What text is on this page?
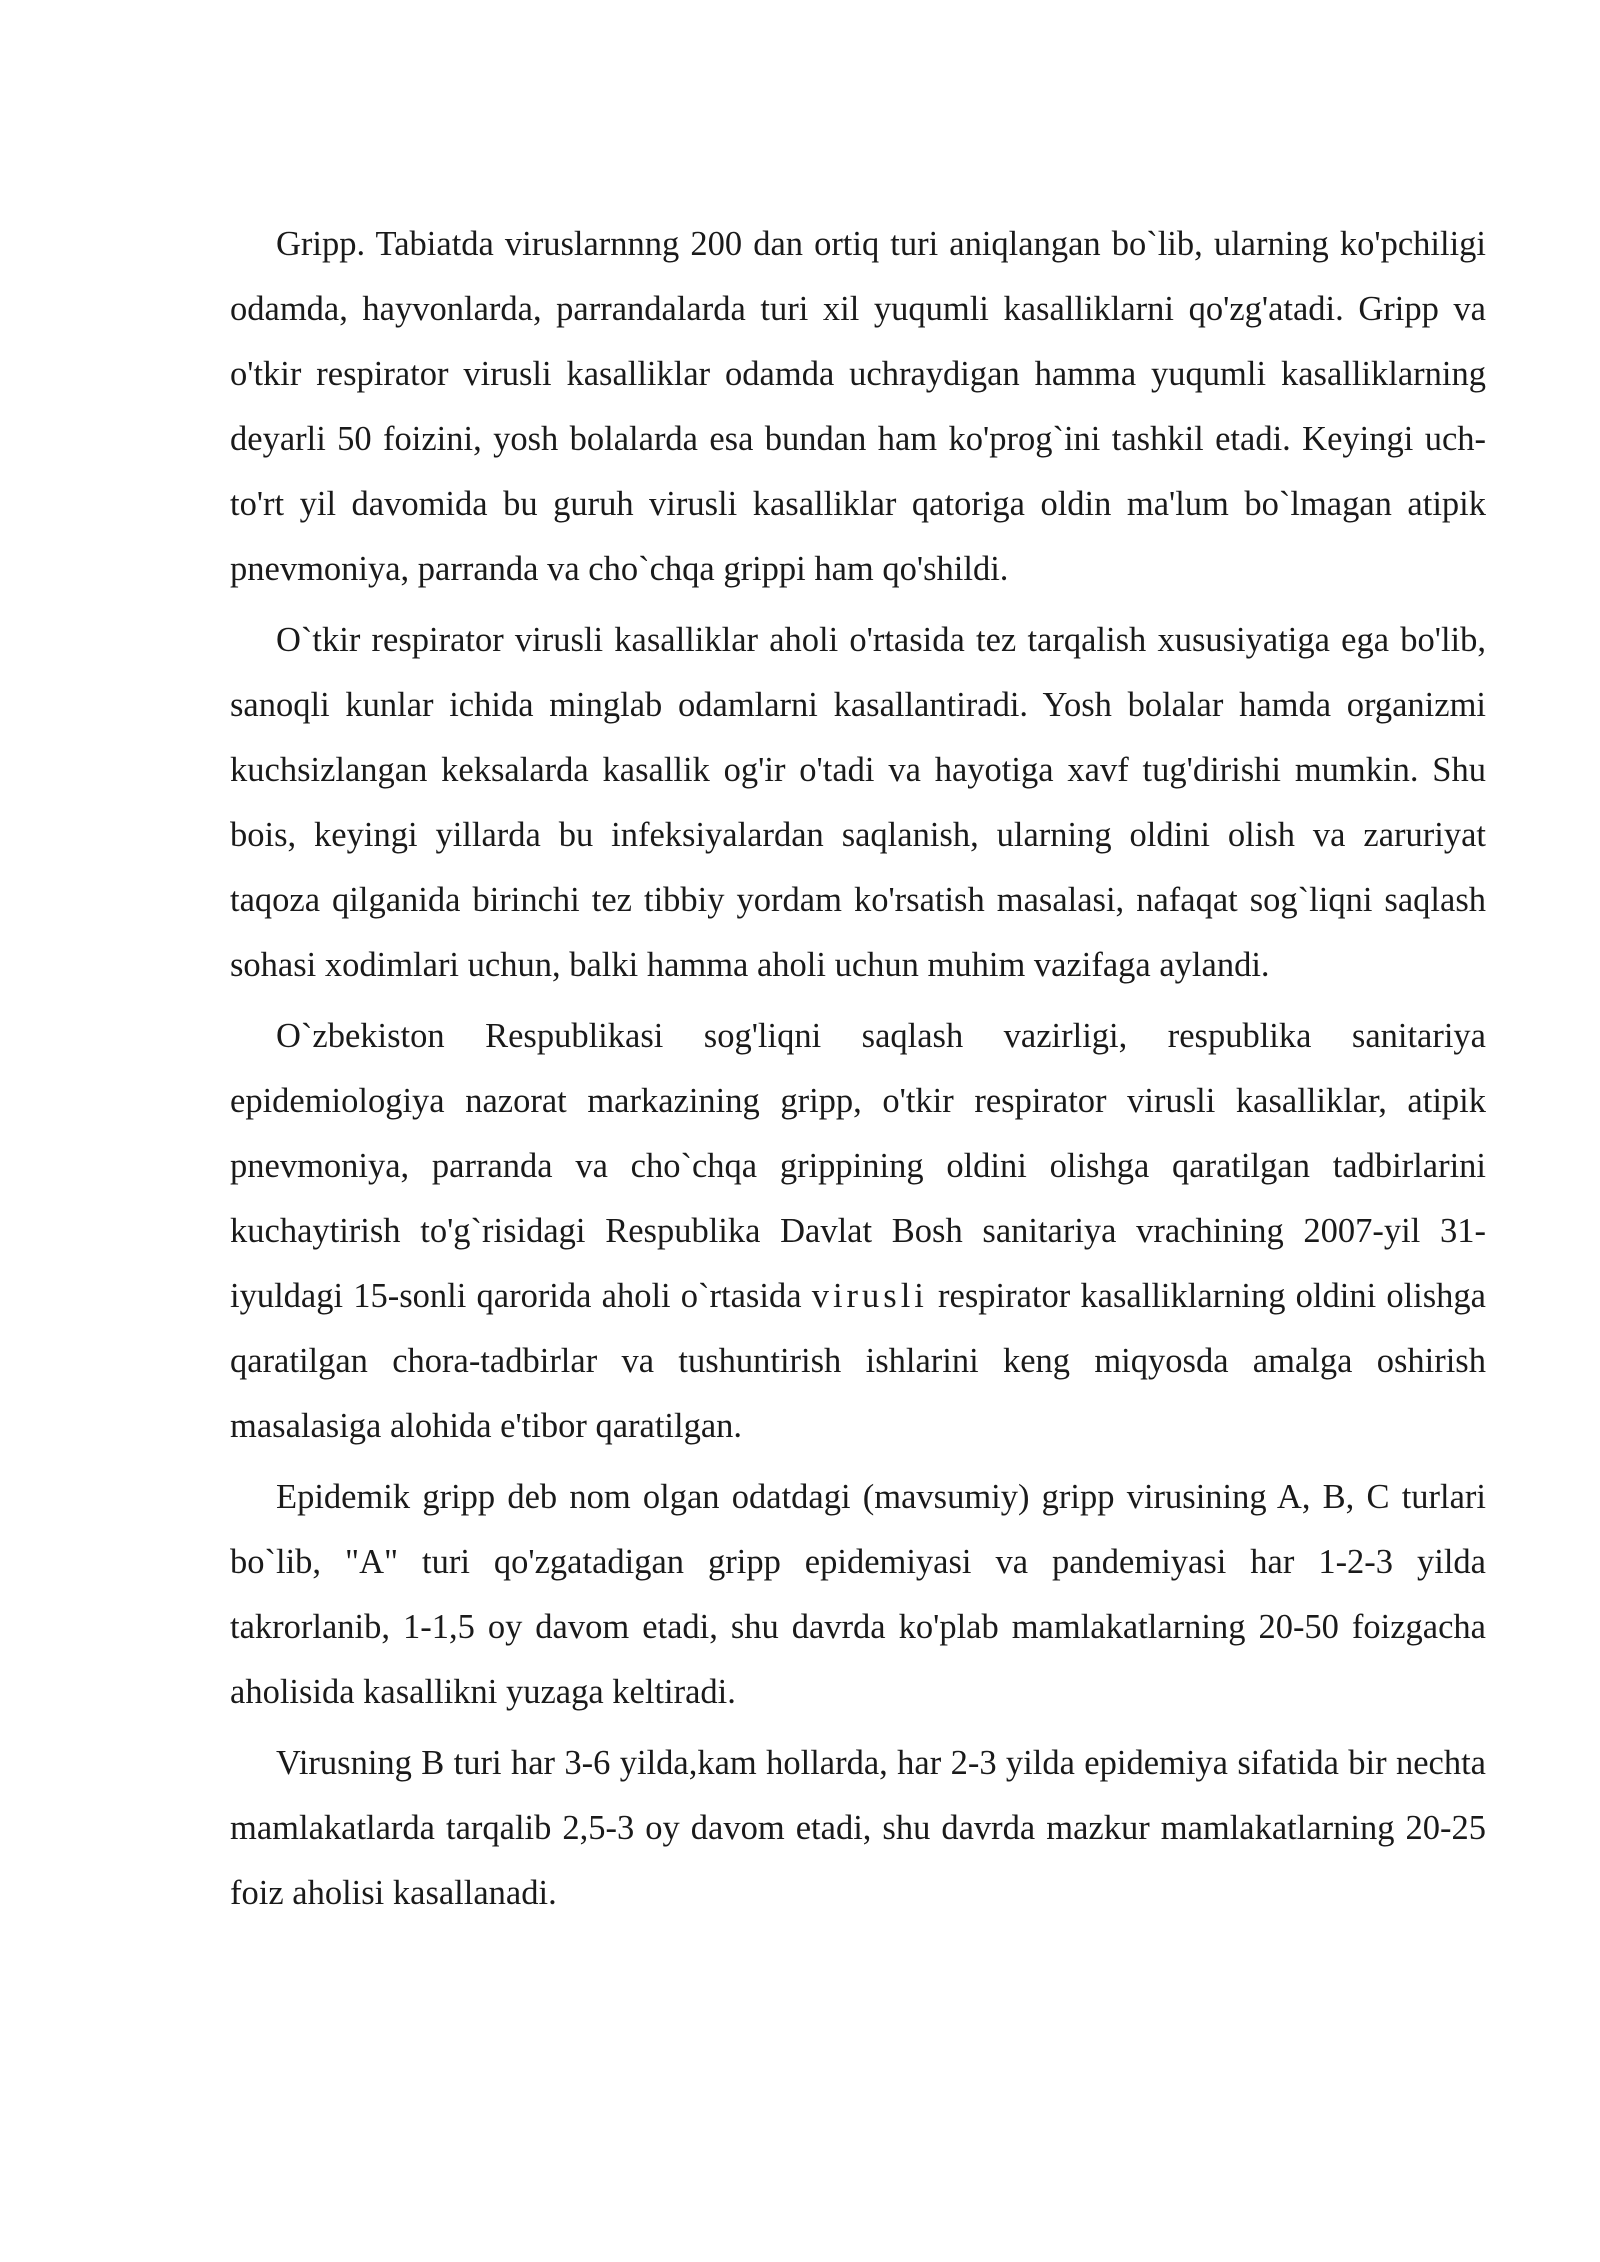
Gripp. Tabiatda viruslarnnng 200 dan ortiq turi aniqlangan bo`lib, ularning ko'pchiligi odamda, hayvonlarda, parrandalarda turi xil yuqumli kasalliklarni qo'zg'atadi. Gripp va o'tkir respirator virusli kasalliklar odamda uchraydigan hamma yuqumli kasalliklarning deyarli 50 foizini, yosh bolalarda esa bundan ham ko'prog`ini tashkil etadi. Keyingi uch-to'rt yil davomida bu guruh virusli kasalliklar qatoriga oldin ma'lum bo`lmagan atipik pnevmoniya, parranda va cho`chqa grippi ham qo'shildi.

O`tkir respirator virusli kasalliklar aholi o'rtasida tez tarqalish xususiyatiga ega bo'lib, sanoqli kunlar ichida minglab odamlarni kasallantiradi. Yosh bolalar hamda organizmi kuchsizlangan keksalarda kasallik og'ir o'tadi va hayotiga xavf tug'dirishi mumkin. Shu bois, keyingi yillarda bu infeksiyalardan saqlanish, ularning oldini olish va zaruriyat taqoza qilganida birinchi tez tibbiy yordam ko'rsatish masalasi, nafaqat sog`liqni saqlash sohasi xodimlari uchun, balki hamma aholi uchun muhim vazifaga aylandi.

O`zbekiston Respublikasi sog'liqni saqlash vazirligi, respublika sanitariya epidemiologiya nazorat markazining gripp, o'tkir respirator virusli kasalliklar, atipik pnevmoniya, parranda va cho`chqa grippining oldini olishga qaratilgan tadbirlarini kuchaytirish to'g`risidagi Respublika Davlat Bosh sanitariya vrachining 2007-yil 31-iyuldagi 15-sonli qarorida aholi o`rtasida virusli respirator kasalliklarning oldini olishga qaratilgan chora-tadbirlar va tushuntirish ishlarini keng miqyosda amalga oshirish masalasiga alohida e'tibor qaratilgan.

Epidemik gripp deb nom olgan odatdagi (mavsumiy) gripp virusining A, B, C turlari bo`lib, "A" turi qo'zgatadigan gripp epidemiyasi va pandemiyasi har 1-2-3 yilda takrorlanib, 1-1,5 oy davom etadi, shu davrda ko'plab mamlakatlarning 20-50 foizgacha aholisida kasallikni yuzaga keltiradi.

Virusning B turi har 3-6 yilda,kam hollarda, har 2-3 yilda epidemiya sifatida bir nechta mamlakatlarda tarqalib 2,5-3 oy davom etadi, shu davrda mazkur mamlakatlarning 20-25 foiz aholisi kasallanadi.
